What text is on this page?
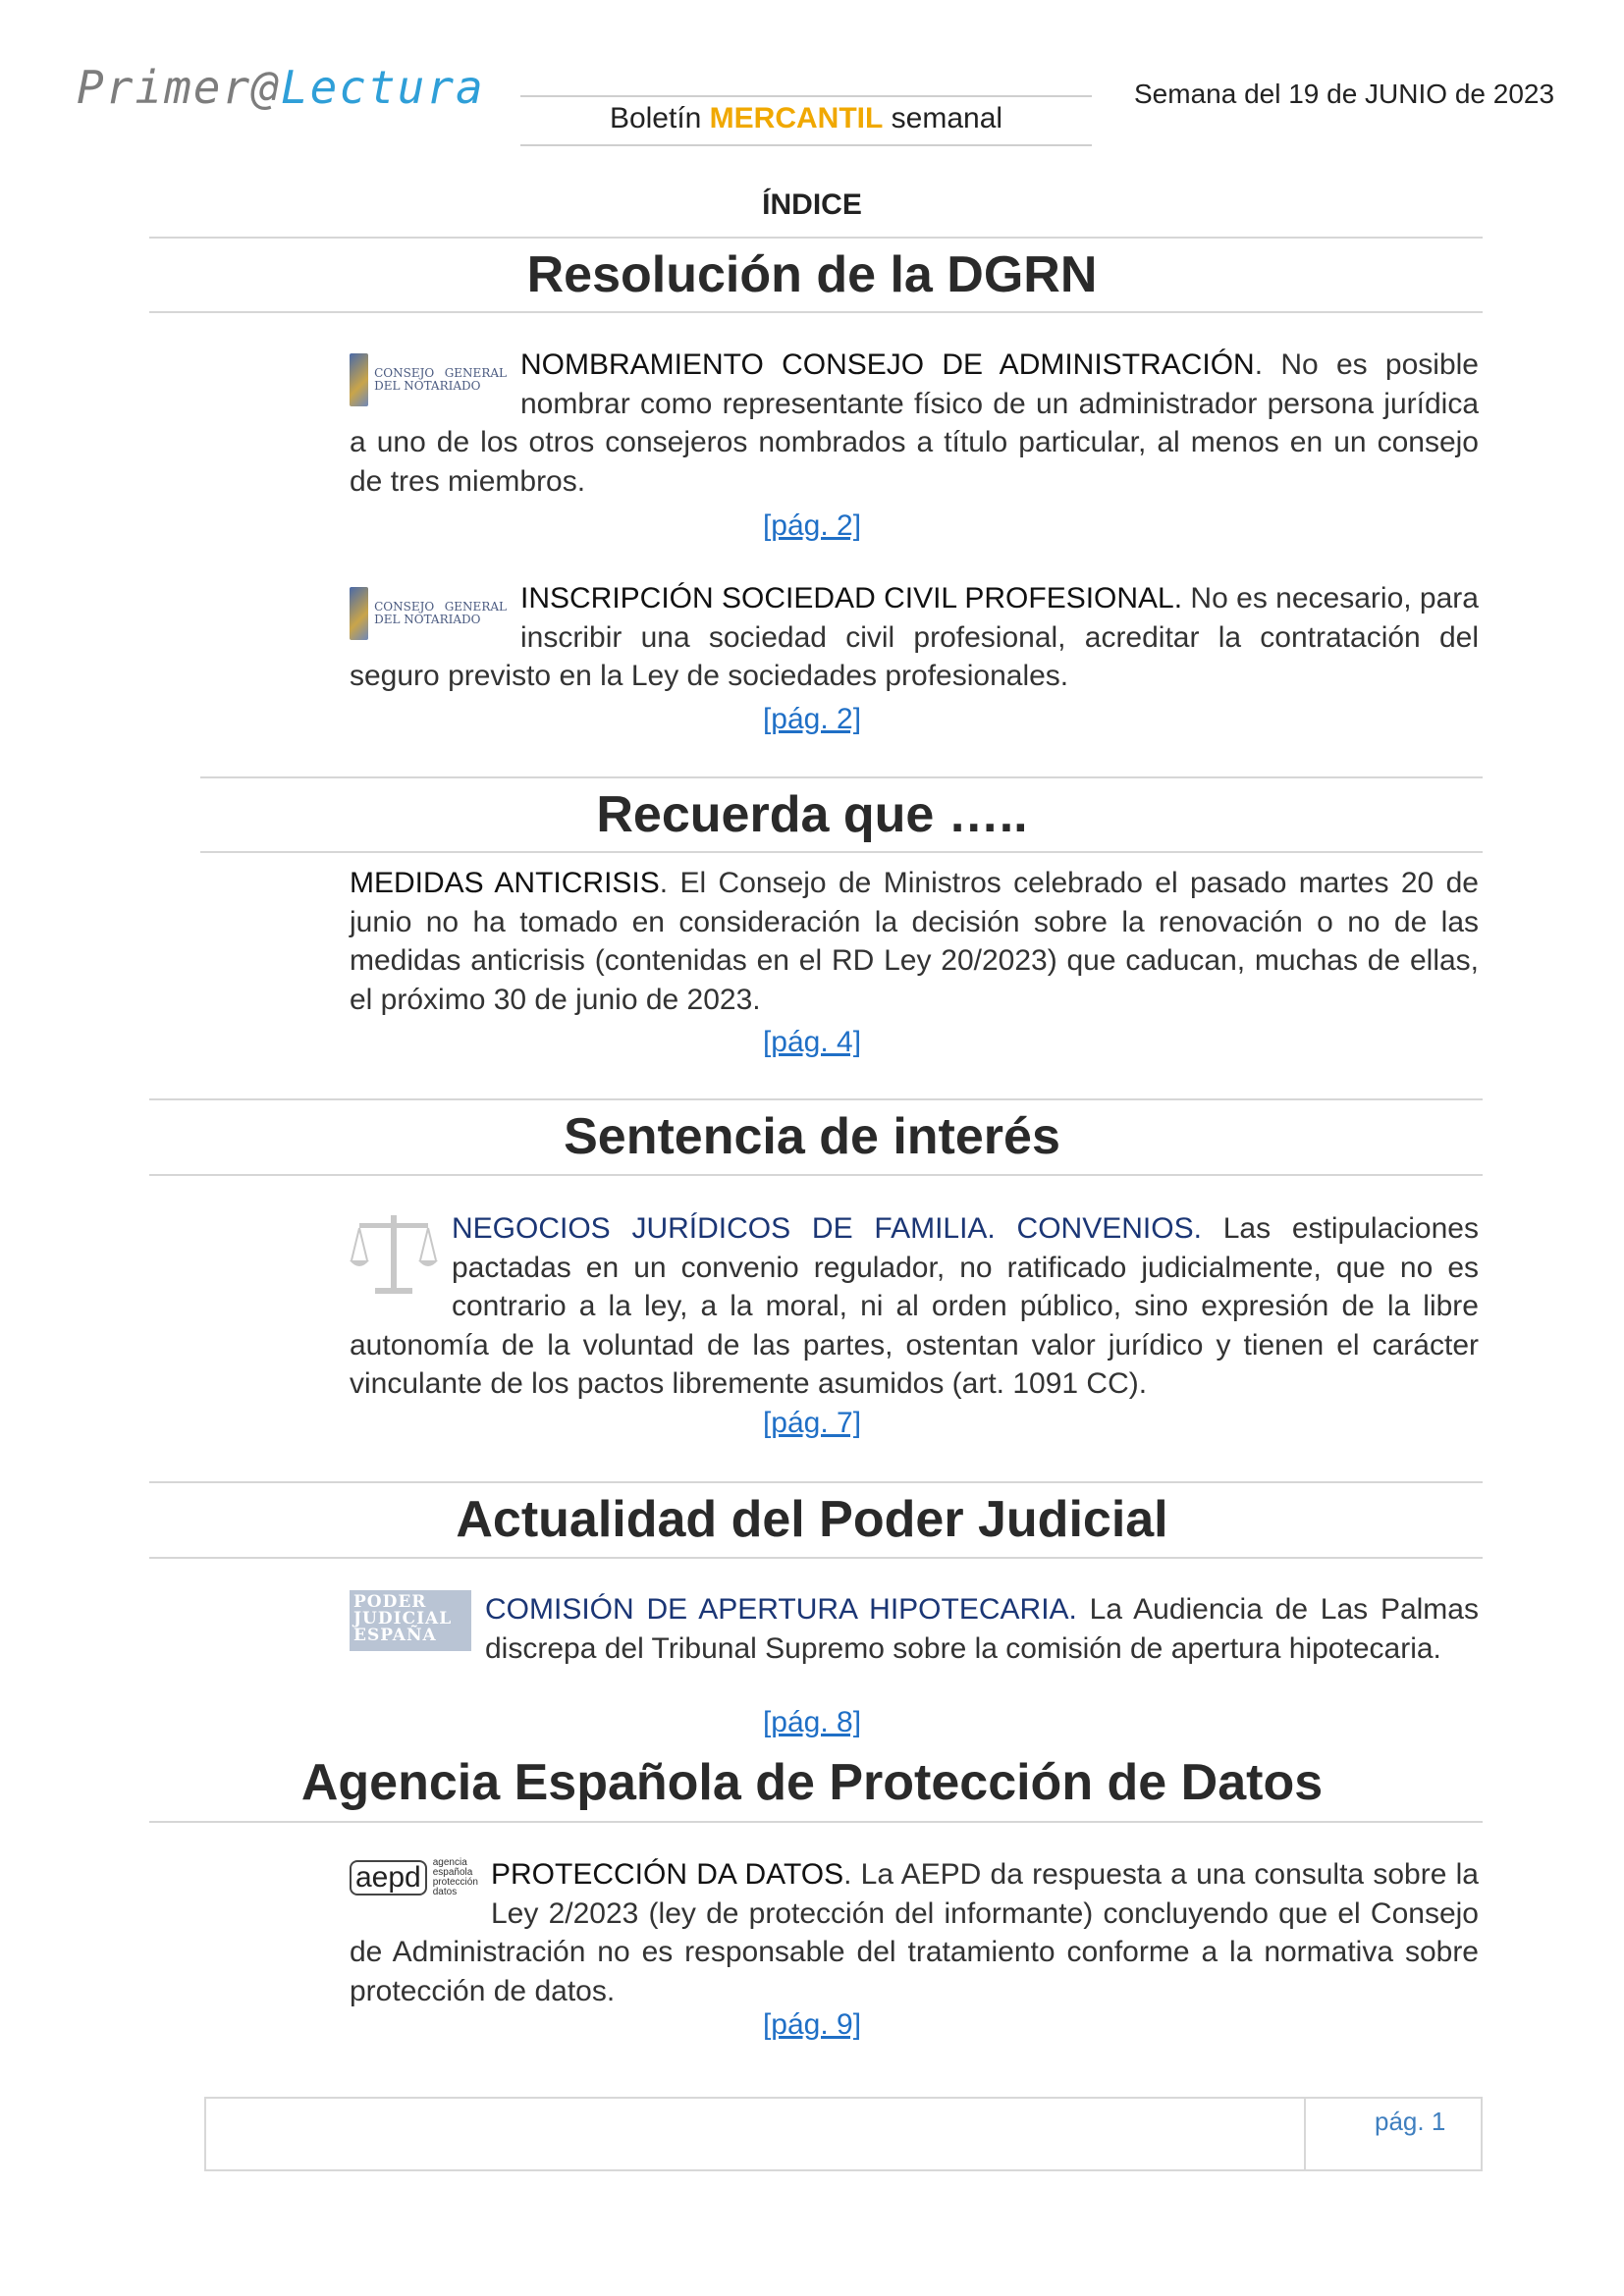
Primer@Lectura
Boletín MERCANTIL semanal
Semana del 19 de JUNIO de 2023
ÍNDICE
Resolución de la DGRN
CONSEJO GENERAL DEL NOTARIADO
NOMBRAMIENTO CONSEJO DE ADMINISTRACIÓN. No es posible nombrar como representante físico de un administrador persona jurídica a uno de los otros consejeros nombrados a título particular, al menos en un consejo de tres miembros.
[pág. 2]
CONSEJO GENERAL DEL NOTARIADO
INSCRIPCIÓN SOCIEDAD CIVIL PROFESIONAL. No es necesario, para inscribir una sociedad civil profesional, acreditar la contratación del seguro previsto en la Ley de sociedades profesionales.
[pág. 2]
Recuerda que …..
MEDIDAS ANTICRISIS. El Consejo de Ministros celebrado el pasado martes 20 de junio no ha tomado en consideración la decisión sobre la renovación o no de las medidas anticrisis (contenidas en el RD Ley 20/2023) que caducan, muchas de ellas, el próximo 30 de junio de 2023.
[pág. 4]
Sentencia de interés
NEGOCIOS JURÍDICOS DE FAMILIA. CONVENIOS. Las estipulaciones pactadas en un convenio regulador, no ratificado judicialmente, que no es contrario a la ley, a la moral, ni al orden público, sino expresión de la libre autonomía de la voluntad de las partes, ostentan valor jurídico y tienen el carácter vinculante de los pactos libremente asumidos (art. 1091 CC).
[pág. 7]
Actualidad del Poder Judicial
PODER
JUDICIAL
ESPAÑA
COMISIÓN DE APERTURA HIPOTECARIA. La Audiencia de Las Palmas discrepa del Tribunal Supremo sobre la comisión de apertura hipotecaria.
[pág. 8]
Agencia Española de Protección de Datos
aepd	agencia
española
protección
datos
PROTECCIÓN DA DATOS. La AEPD da respuesta a una consulta sobre la Ley 2/2023 (ley de protección del informante) concluyendo que el Consejo de Administración no es responsable del tratamiento conforme a la normativa sobre protección de datos.
[pág. 9]
pág. 1
